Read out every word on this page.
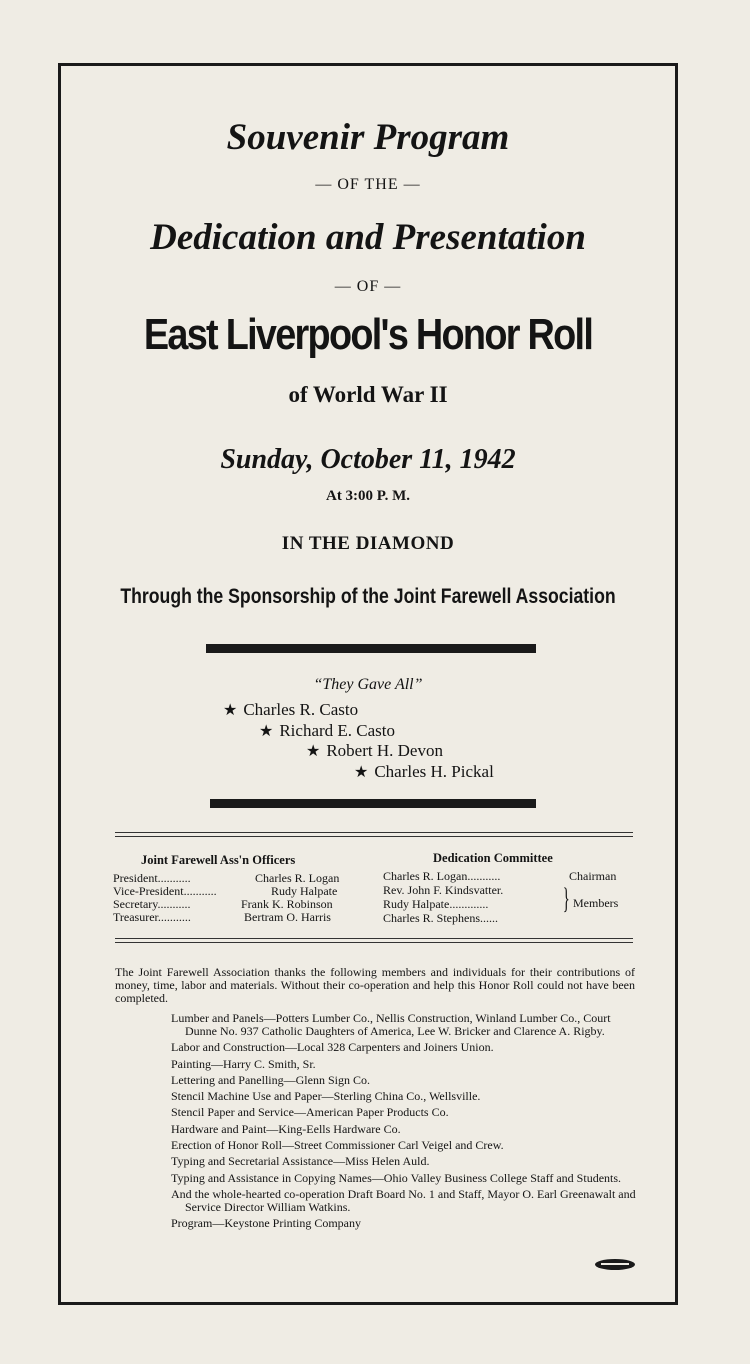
Souvenir Program
— OF THE —
Dedication and Presentation
— OF —
East Liverpool's Honor Roll
of World War II
Sunday, October 11, 1942
At 3:00 P. M.
IN THE DIAMOND
Through the Sponsorship of the Joint Farewell Association
“They Gave All”
★ Charles R. Casto
★ Richard E. Casto
★ Robert H. Devon
★ Charles H. Pickal
Joint Farewell Ass'n Officers
President...........	Charles R. Logan
Vice-President...........	Rudy Halpate
Secretary...........	Frank K. Robinson
Treasurer...........	Bertram O. Harris
Dedication Committee
Charles R. Logan...........	Chairman
Rev. John F. Kindsvatter.
Rudy Halpate.............
Charles R. Stephens......
} Members
The Joint Farewell Association thanks the following members and individuals for their contributions of money, time, labor and materials. Without their co-operation and help this Honor Roll could not have been completed.
Lumber and Panels—Potters Lumber Co., Nellis Construction, Winland Lumber Co., Court Dunne No. 937 Catholic Daughters of America, Lee W. Bricker and Clarence A. Rigby.
Labor and Construction—Local 328 Carpenters and Joiners Union.
Painting—Harry C. Smith, Sr.
Lettering and Panelling—Glenn Sign Co.
Stencil Machine Use and Paper—Sterling China Co., Wellsville.
Stencil Paper and Service—American Paper Products Co.
Hardware and Paint—King-Eells Hardware Co.
Erection of Honor Roll—Street Commissioner Carl Veigel and Crew.
Typing and Secretarial Assistance—Miss Helen Auld.
Typing and Assistance in Copying Names—Ohio Valley Business College Staff and Students.
And the whole-hearted co-operation Draft Board No. 1 and Staff, Mayor O. Earl Greenawalt and Service Director William Watkins.
Program—Keystone Printing Company
